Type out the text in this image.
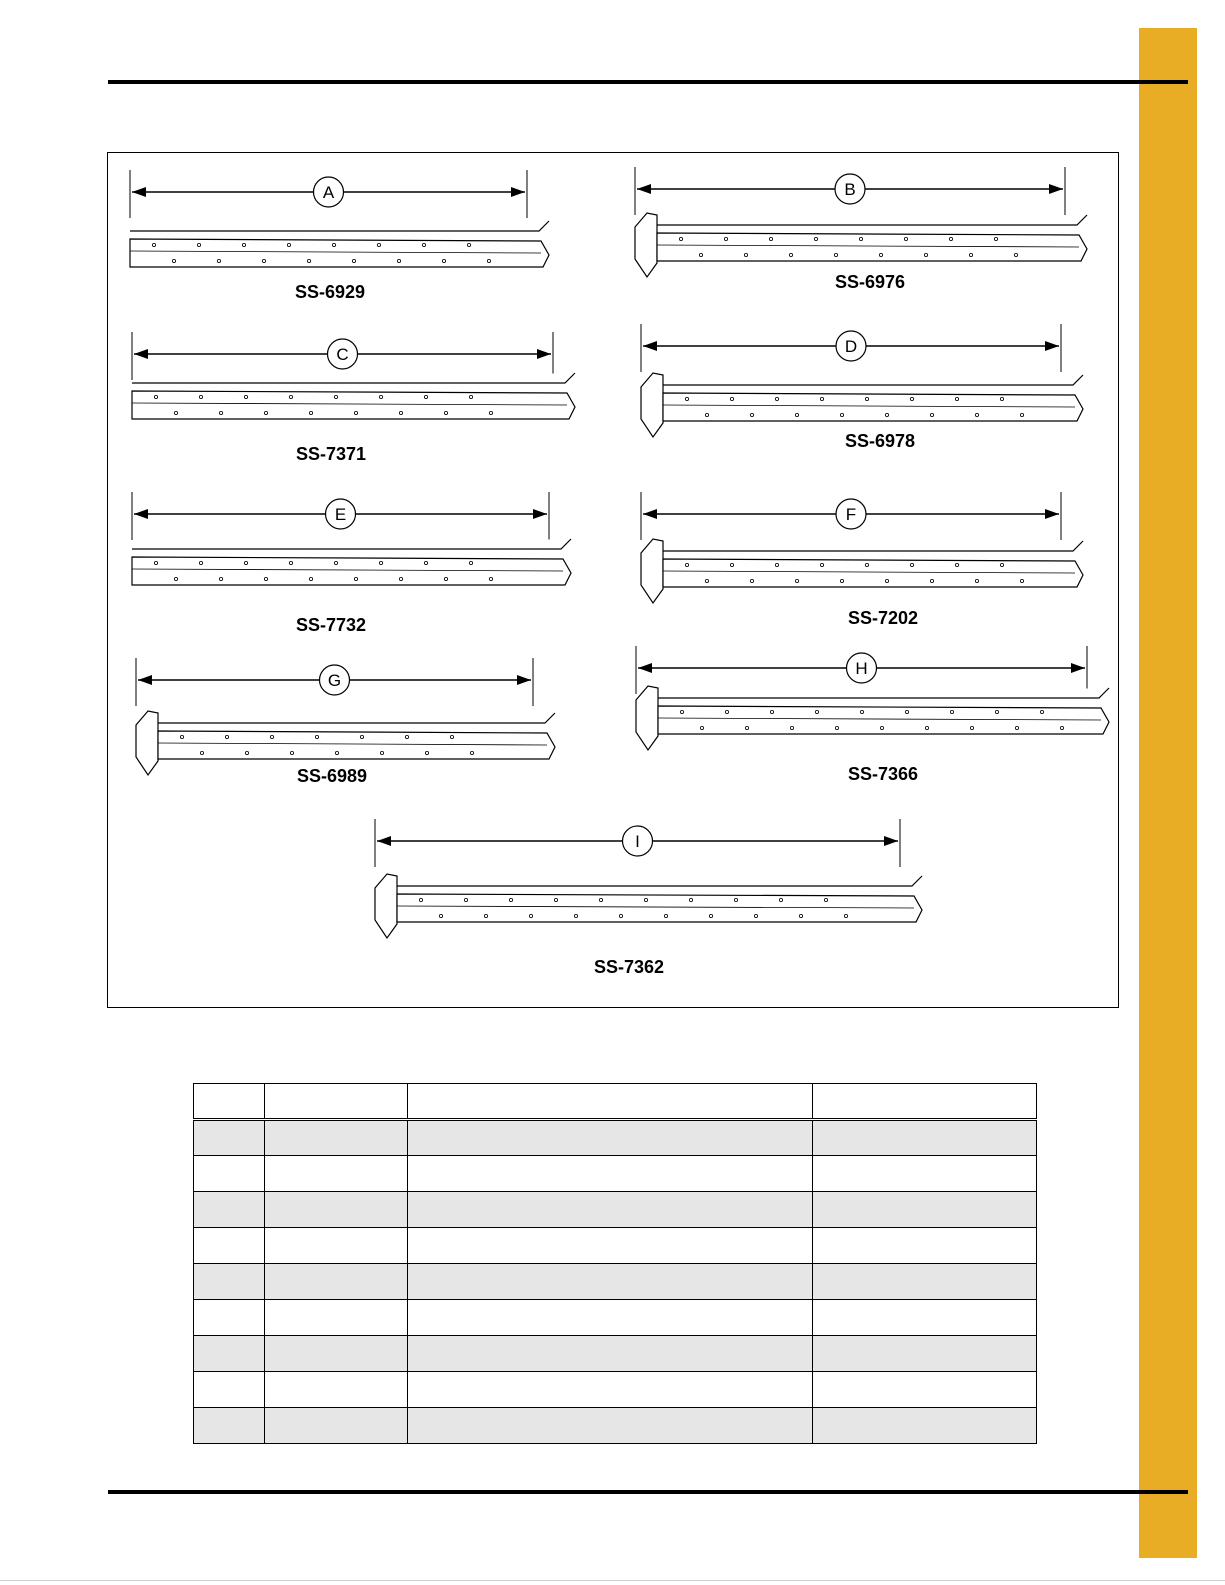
A
SS-6929
B
SS-6976
C
SS-7371
D
SS-6978
E
SS-7732
F
SS-7202
G
SS-6989
H
SS-7366
I
SS-7362
